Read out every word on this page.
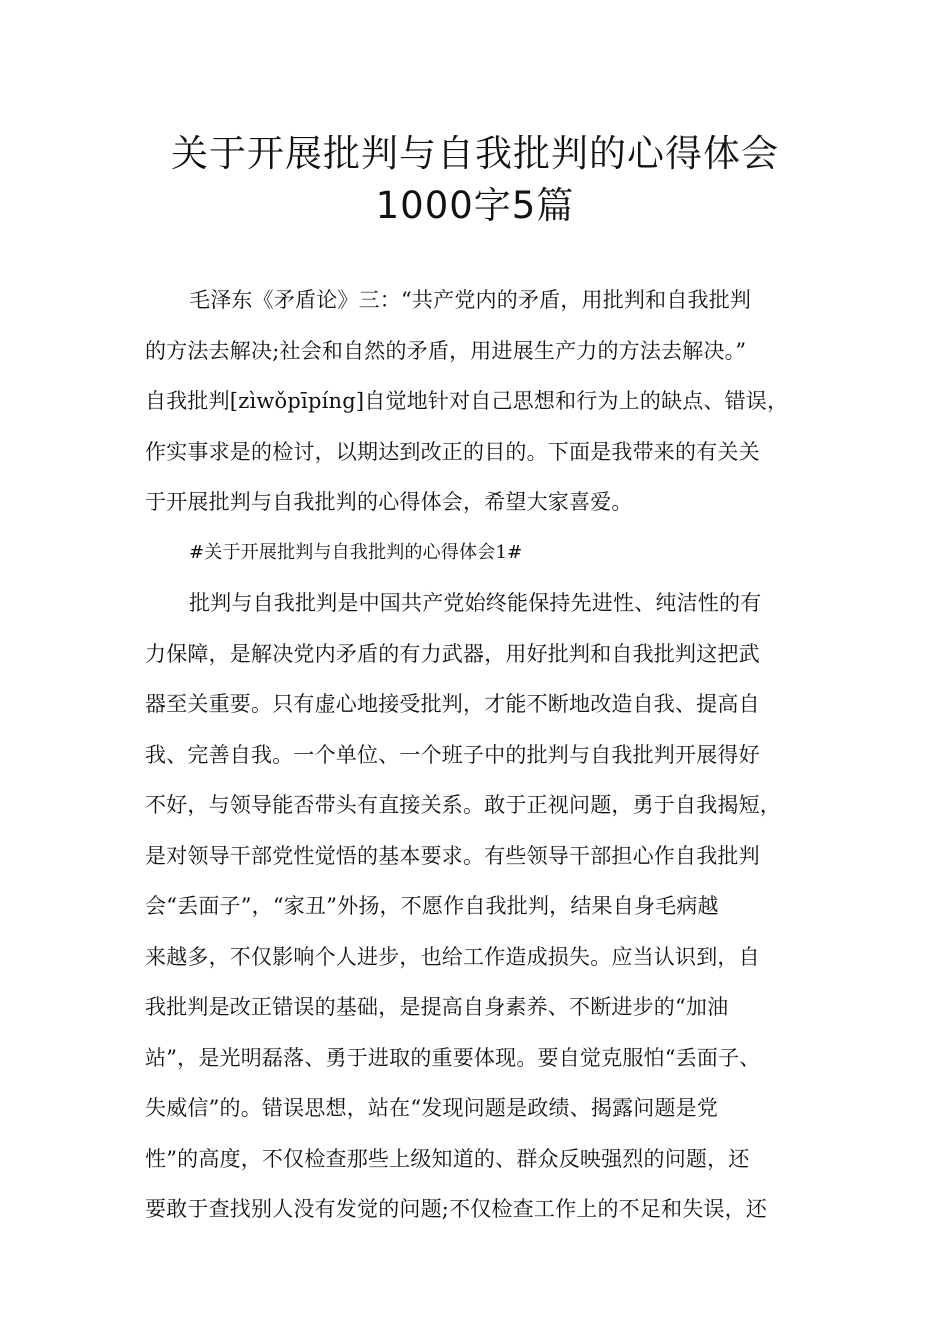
关于开展批判与自我批判的心得体会
1000字5篇
毛泽东《矛盾论》三：“共产党内的矛盾，用批判和自我批判
的方法去解决;社会和自然的矛盾，用进展生产力的方法去解决。”
自我批判[zìwǒpīpíng]自觉地针对自己思想和行为上的缺点、错误，
作实事求是的检讨，以期达到改正的目的。下面是我带来的有关关
于开展批判与自我批判的心得体会，希望大家喜爱。
#关于开展批判与自我批判的心得体会1#
批判与自我批判是中国共产党始终能保持先进性、纯洁性的有
力保障，是解决党内矛盾的有力武器，用好批判和自我批判这把武
器至关重要。只有虚心地接受批判，才能不断地改造自我、提高自
我、完善自我。一个单位、一个班子中的批判与自我批判开展得好
不好，与领导能否带头有直接关系。敢于正视问题，勇于自我揭短，
是对领导干部党性觉悟的基本要求。有些领导干部担心作自我批判
会“丢面子”，“家丑”外扬，不愿作自我批判，结果自身毛病越
来越多，不仅影响个人进步，也给工作造成损失。应当认识到，自
我批判是改正错误的基础，是提高自身素养、不断进步的“加油
站”，是光明磊落、勇于进取的重要体现。要自觉克服怕“丢面子、
失威信”的。错误思想，站在“发现问题是政绩、揭露问题是党
性”的高度，不仅检查那些上级知道的、群众反映强烈的问题，还
要敢于查找别人没有发觉的问题;不仅检查工作上的不足和失误，还
